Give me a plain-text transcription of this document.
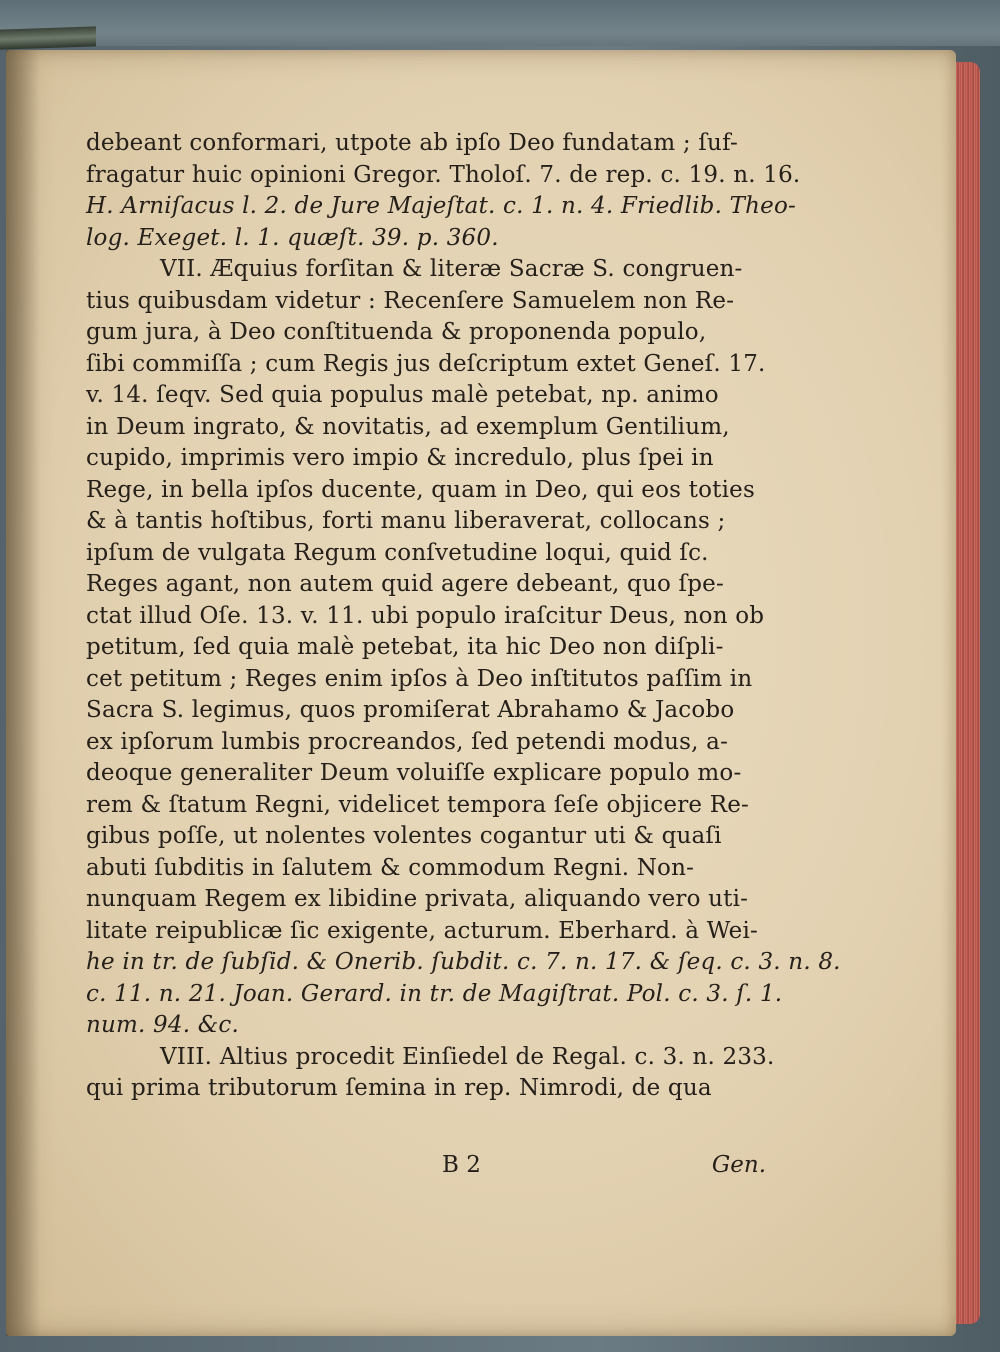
debeant conformari, utpote ab ipſo Deo fundatam ; ſuf-
fragatur huic opinioni Gregor. Tholoſ. 7. de rep. c. 19. n. 16.
H. Arniſacus l. 2. de Jure Majeſtat. c. 1. n. 4. Friedlib. Theo-
log. Exeget. l. 1. quæſt. 39. p. 360.
VII. Æquius forſitan & literæ Sacræ S. congruen-
tius quibusdam videtur : Recenſere Samuelem non Re-
gum jura, à Deo conſtituenda & proponenda populo,
ſibi commiſſa ; cum Regis jus deſcriptum extet Geneſ. 17.
v. 14. ſeqv. Sed quia populus malè petebat, np. animo
in Deum ingrato, & novitatis, ad exemplum Gentilium,
cupido, imprimis vero impio & incredulo, plus ſpei in
Rege, in bella ipſos ducente, quam in Deo, qui eos toties
& à tantis hoſtibus, forti manu liberaverat, collocans ;
ipſum de vulgata Regum conſvetudine loqui, quid ſc.
Reges agant, non autem quid agere debeant, quo ſpe-
ctat illud Oſe. 13. v. 11. ubi populo iraſcitur Deus, non ob
petitum, ſed quia malè petebat, ita hic Deo non diſpli-
cet petitum ; Reges enim ipſos à Deo inſtitutos paſſim in
Sacra S. legimus, quos promiſerat Abrahamo & Jacobo
ex ipſorum lumbis procreandos, ſed petendi modus, a-
deoque generaliter Deum voluiſſe explicare populo mo-
rem & ſtatum Regni, videlicet tempora ſeſe objicere Re-
gibus poſſe, ut nolentes volentes cogantur uti & quaſi
abuti ſubditis in ſalutem & commodum Regni. Non-
nunquam Regem ex libidine privata, aliquando vero uti-
litate reipublicæ ſic exigente, acturum. Eberhard. à Wei-
he in tr. de ſubſid. & Onerib. ſubdit. c. 7. n. 17. & ſeq. c. 3. n. 8.
c. 11. n. 21. Joan. Gerard. in tr. de Magiſtrat. Pol. c. 3. ſ. 1.
num. 94. &c.
VIII. Altius procedit Einſiedel de Regal. c. 3. n. 233.
qui prima tributorum ſemina in rep. Nimrodi, de qua
B 2	Gen.
